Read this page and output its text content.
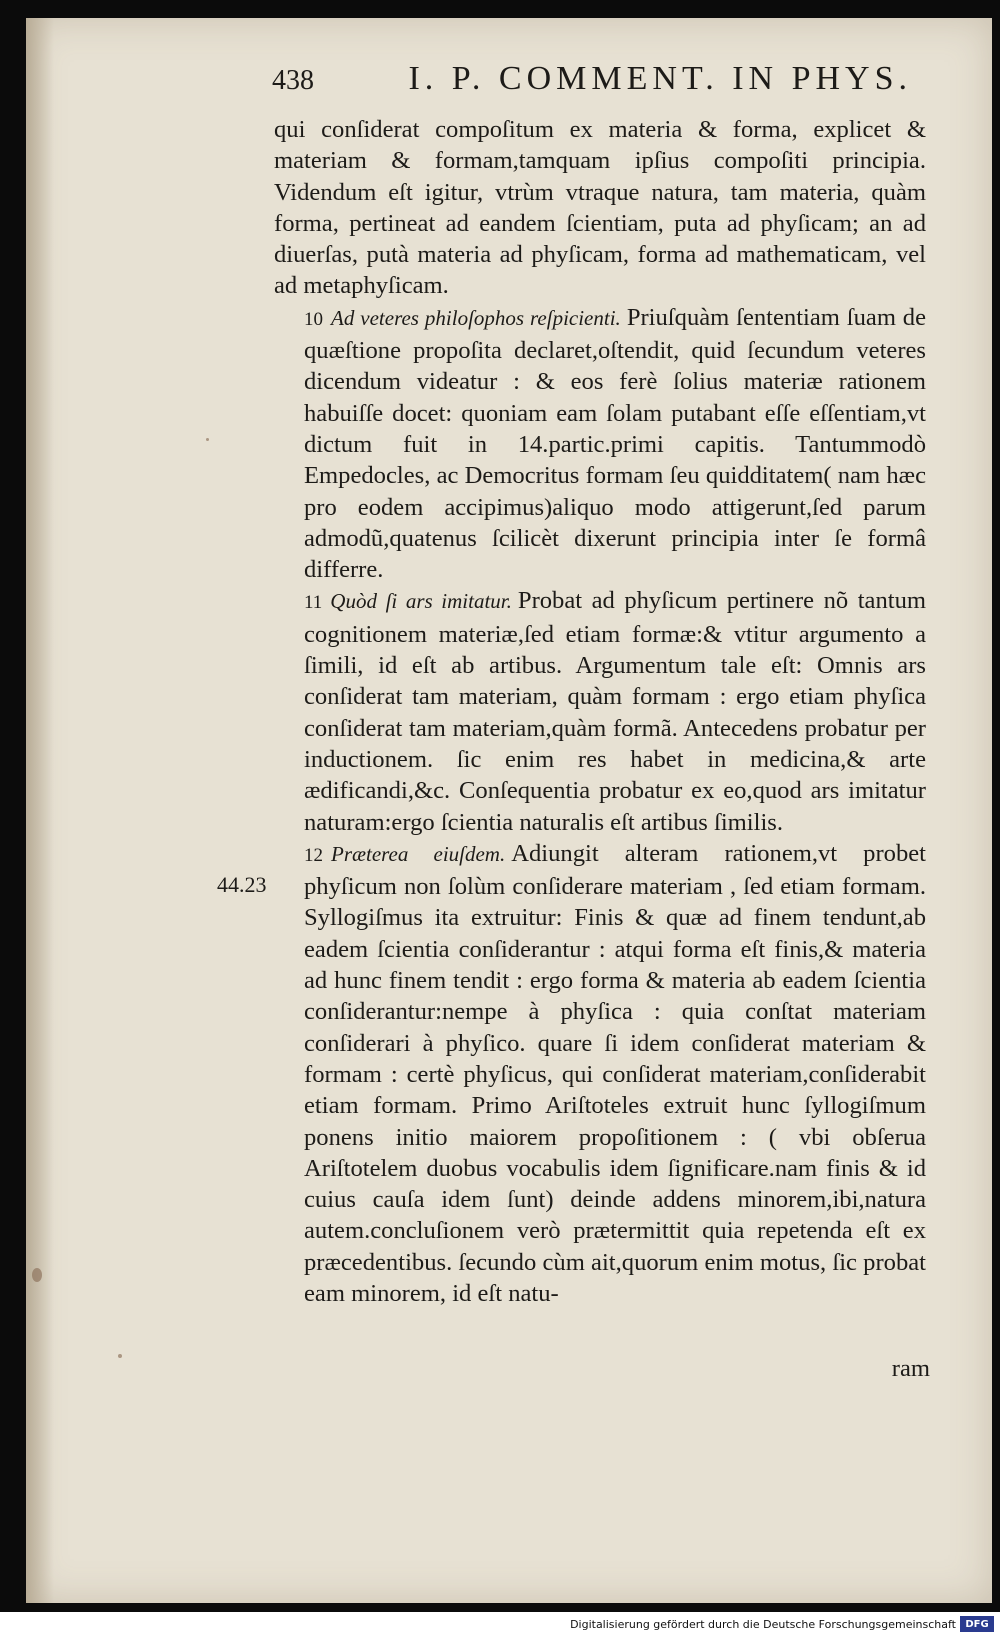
438	I. P. COMMENT. IN PHYS.

qui conſiderat compoſitum ex materia & forma, explicet & materiam & formam,tamquam ipſius compoſiti principia. Videndum eſt igitur, vtrùm vtraque natura, tam materia, quàm forma, pertineat ad eandem ſcientiam, puta ad phyſicam; an ad diuerſas, putà materia ad phyſicam, forma ad mathematicam, vel ad metaphyſicam.

10 Ad veteres philoſophos reſpicienti. Priuſquàm ſententiam ſuam de quæſtione propoſita declaret,oſtendit, quid ſecundum veteres dicendum videatur : & eos ferè ſolius materiæ rationem habuiſſe docet: quoniam eam ſolam putabant eſſe eſſentiam,vt dictum fuit in 14.partic.primi capitis. Tantummodò Empedocles, ac Democritus formam ſeu quidditatem( nam hæc pro eodem accipimus)aliquo modo attigerunt,ſed parum admodũ,quatenus ſcilicèt dixerunt principia inter ſe formâ differre.

11 Quòd ſi ars imitatur. Probat ad phyſicum pertinere nõ tantum cognitionem materiæ,ſed etiam formæ:& vtitur argumento a ſimili, id eſt ab artibus. Argumentum tale eſt: Omnis ars conſiderat tam materiam, quàm formam : ergo etiam phyſica conſiderat tam materiam,quàm formã. Antecedens probatur per inductionem. ſic enim res habet in medicina,& arte ædificandi,&c. Conſequentia probatur ex eo,quod ars imitatur naturam:ergo ſcientia naturalis eſt artibus ſimilis.

12 Præterea eiuſdem. Adiungit alteram rationem,vt probet phyſicum non ſolùm conſiderare materiam , ſed etiam formam. Syllogiſmus ita extruitur: Finis & quæ ad finem tendunt,ab eadem ſcientia conſiderantur : atqui forma eſt finis,& materia ad hunc finem tendit : ergo forma & materia ab eadem ſcientia conſiderantur:nempe à phyſica : quia conſtat materiam conſiderari à phyſico. quare ſi idem conſiderat materiam & formam : certè phyſicus, qui conſiderat materiam,conſiderabit etiam formam. Primo Ariſtoteles extruit hunc ſyllogiſmum ponens initio maiorem propoſitionem : ( vbi obſerua Ariſtotelem duobus vocabulis idem ſignificare.nam finis & id cuius cauſa idem ſunt) deinde addens minorem,ibi,natura autem.concluſionem verò prætermittit quia repetenda eſt ex præcedentibus. ſecundo cùm ait,quorum enim motus, ſic probat eam minorem, id eſt natu-

44.23
ram
Digitalisierung gefördert durch die Deutsche Forschungsgemeinschaft DFG
